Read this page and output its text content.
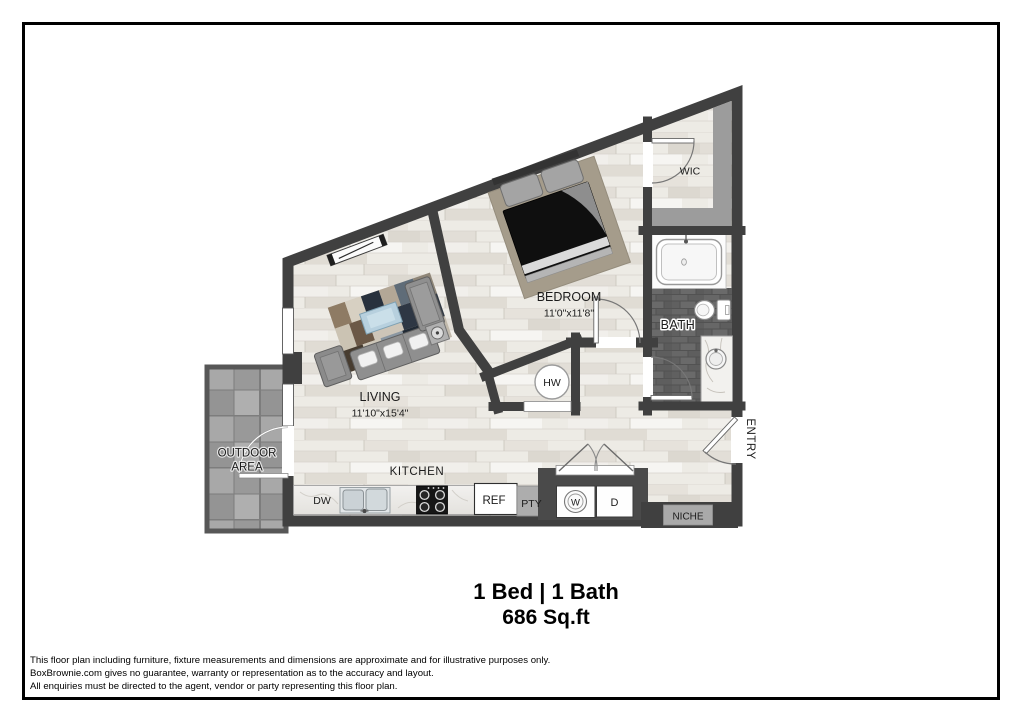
LIVING
11'10"x15'4"
BEDROOM
11'0"x11'8"
KITCHEN
BATH
WIC
OUTDOOR
AREA
HW
NICHE
ENTRY
DW	REF PTY	W	D
1 Bed | 1 Bath
686 Sq.ft
This floor plan including furniture, fixture measurements and dimensions are approximate and for illustrative purposes only.
BoxBrownie.com gives no guarantee, warranty or representation as to the accuracy and layout.
All enquiries must be directed to the agent, vendor or party representing this floor plan.
